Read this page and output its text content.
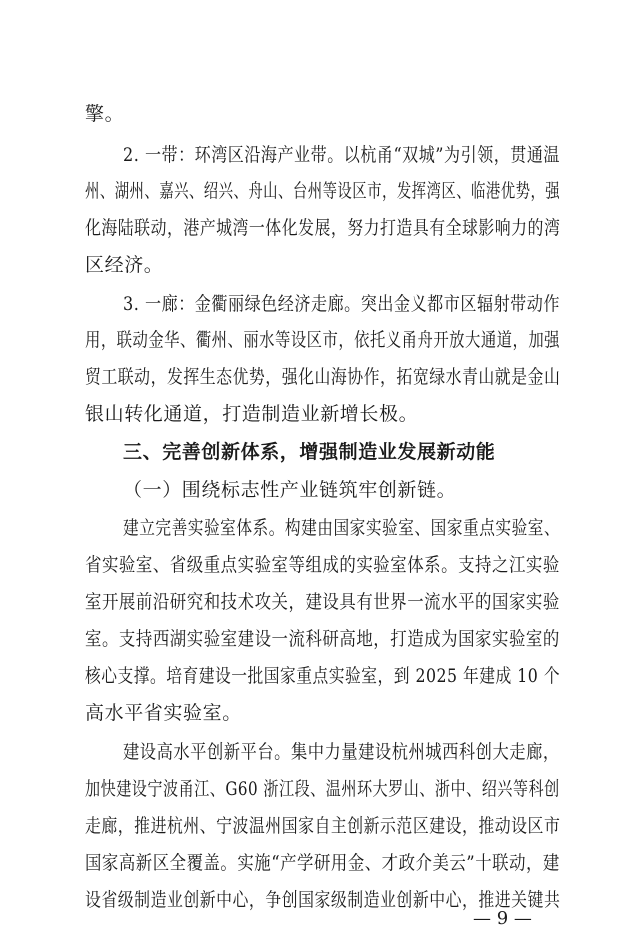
擎。

2. 一带：环湾区沿海产业带。以杭甬“双城”为引领，贯通温

州、湖州、嘉兴、绍兴、舟山、台州等设区市，发挥湾区、临港优势，强

化海陆联动，港产城湾一体化发展，努力打造具有全球影响力的湾

区经济。

3. 一廊：金衢丽绿色经济走廊。突出金义都市区辐射带动作

用，联动金华、衢州、丽水等设区市，依托义甬舟开放大通道，加强

贸工联动，发挥生态优势，强化山海协作，拓宽绿水青山就是金山

银山转化通道，打造制造业新增长极。

三、完善创新体系，增强制造业发展新动能

（一）围绕标志性产业链筑牢创新链。

建立完善实验室体系。构建由国家实验室、国家重点实验室、

省实验室、省级重点实验室等组成的实验室体系。支持之江实验

室开展前沿研究和技术攻关，建设具有世界一流水平的国家实验

室。支持西湖实验室建设一流科研高地，打造成为国家实验室的

核心支撑。培育建设一批国家重点实验室，到 2025 年建成 10 个

高水平省实验室。

建设高水平创新平台。集中力量建设杭州城西科创大走廊，

加快建设宁波甬江、G60 浙江段、温州环大罗山、浙中、绍兴等科创

走廊，推进杭州、宁波温州国家自主创新示范区建设，推动设区市

国家高新区全覆盖。实施“产学研用金、才政介美云”十联动，建

设省级制造业创新中心，争创国家级制造业创新中心，推进关键共

— 9 —
